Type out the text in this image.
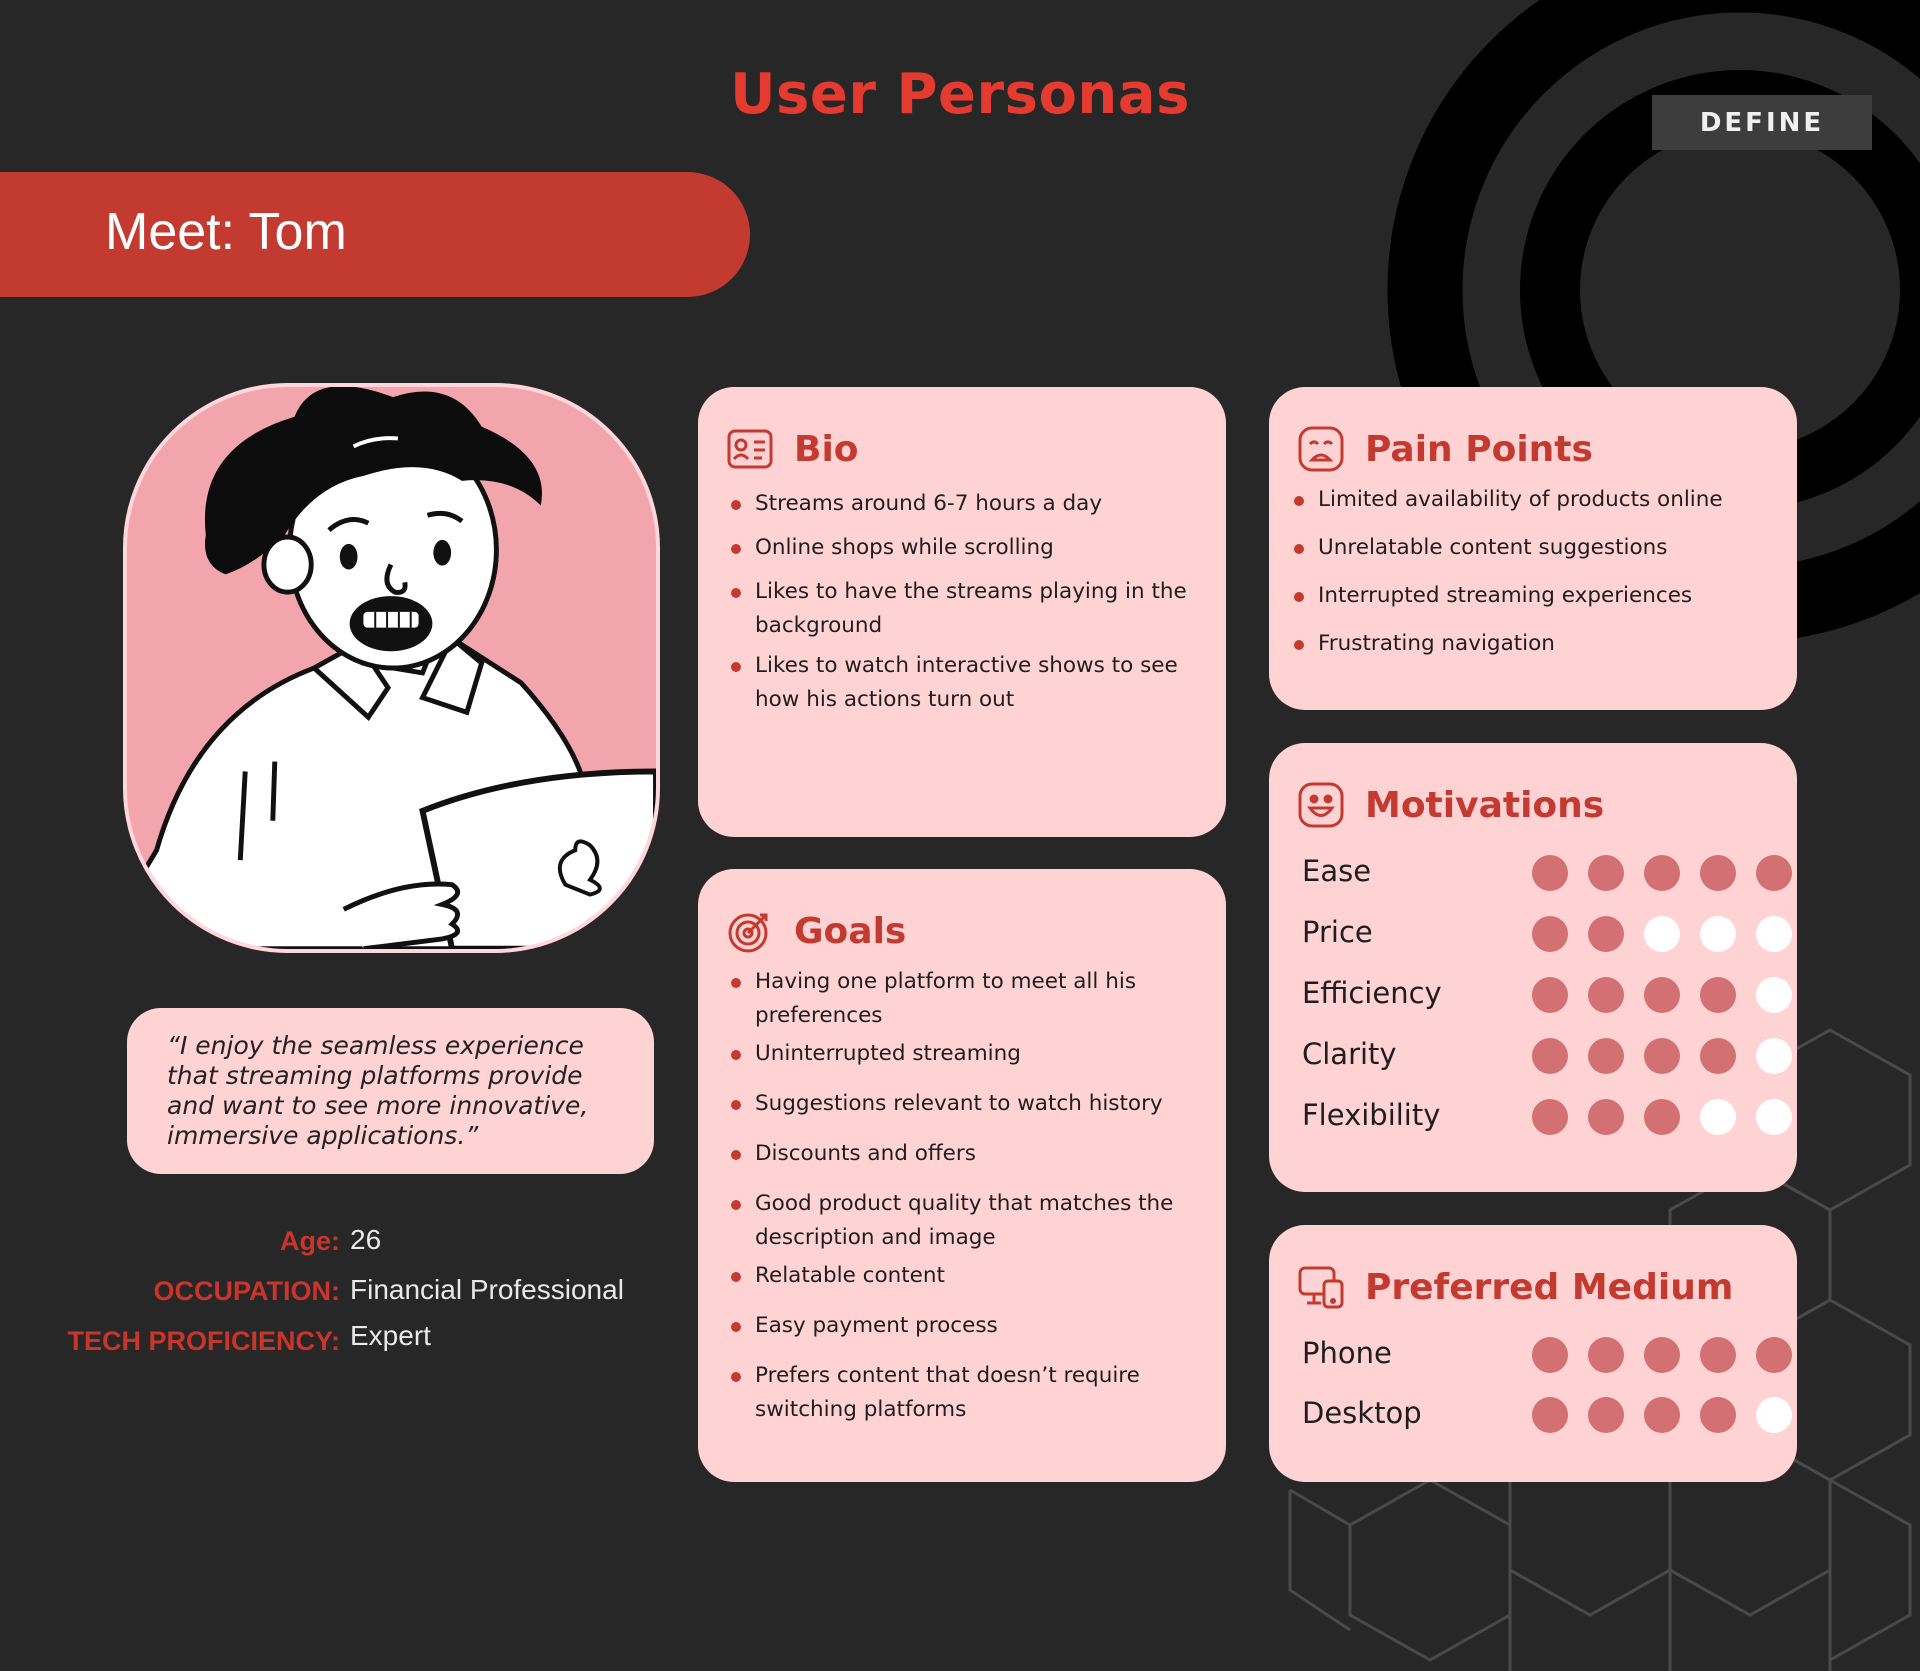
User Personas	DEFINE
Meet: Tom

“I enjoy the seamless experience that streaming platforms provide and want to see more innovative, immersive applications.”

Age: 26
OCCUPATION: Financial Professional
TECH PROFICIENCY: Expert
Bio
Streams around 6-7 hours a day
Online shops while scrolling
Likes to have the streams playing in the background
Likes to watch interactive shows to see how his actions turn out
Goals
Having one platform to meet all his preferences
Uninterrupted streaming
Suggestions relevant to watch history
Discounts and offers
Good product quality that matches the description and image
Relatable content
Easy payment process
Prefers content that doesn’t require switching platforms
Pain Points
Limited availability of products online
Unrelatable content suggestions
Interrupted streaming experiences
Frustrating navigation
Motivations
Ease
Price
Efficiency
Clarity
Flexibility
Preferred Medium
Phone
Desktop
